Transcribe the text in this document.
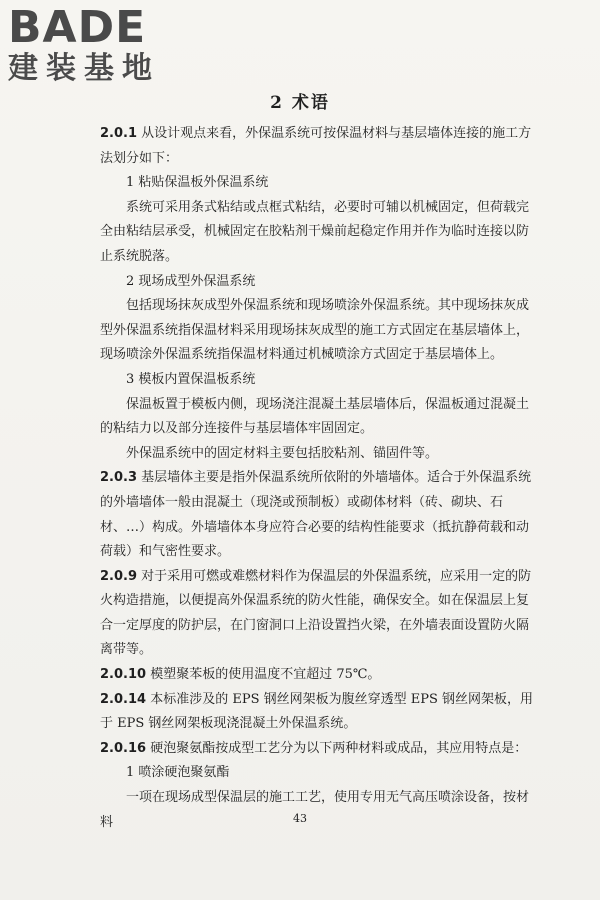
BADE
建装基地
2 术语

2.0.1 从设计观点来看，外保温系统可按保温材料与基层墙体连接的施工方法划分如下：

1 粘贴保温板外保温系统

系统可采用条式粘结或点框式粘结，必要时可辅以机械固定，但荷载完全由粘结层承受，机械固定在胶粘剂干燥前起稳定作用并作为临时连接以防止系统脱落。

2 现场成型外保温系统

包括现场抹灰成型外保温系统和现场喷涂外保温系统。其中现场抹灰成型外保温系统指保温材料采用现场抹灰成型的施工方式固定在基层墙体上，现场喷涂外保温系统指保温材料通过机械喷涂方式固定于基层墙体上。

3 模板内置保温板系统

保温板置于模板内侧，现场浇注混凝土基层墙体后，保温板通过混凝土的粘结力以及部分连接件与基层墙体牢固固定。

外保温系统中的固定材料主要包括胶粘剂、锚固件等。

2.0.3 基层墙体主要是指外保温系统所依附的外墙墙体。适合于外保温系统的外墙墙体一般由混凝土（现浇或预制板）或砌体材料（砖、砌块、石材、…）构成。外墙墙体本身应符合必要的结构性能要求（抵抗静荷载和动荷载）和气密性要求。

2.0.9 对于采用可燃或难燃材料作为保温层的外保温系统，应采用一定的防火构造措施，以便提高外保温系统的防火性能，确保安全。如在保温层上复合一定厚度的防护层，在门窗洞口上沿设置挡火梁，在外墙表面设置防火隔离带等。

2.0.10 模塑聚苯板的使用温度不宜超过 75℃。

2.0.14 本标准涉及的 EPS 钢丝网架板为腹丝穿透型 EPS 钢丝网架板，用于 EPS 钢丝网架板现浇混凝土外保温系统。

2.0.16 硬泡聚氨酯按成型工艺分为以下两种材料或成品，其应用特点是：

1 喷涂硬泡聚氨酯

一项在现场成型保温层的施工工艺，使用专用无气高压喷涂设备，按材料	43
